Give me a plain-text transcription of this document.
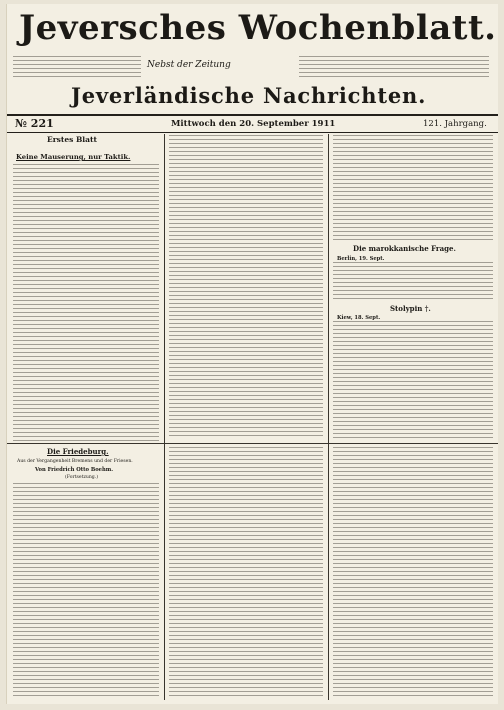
Jeversches Wochenblatt.
Nebst der Zeitung
Jeverländische Nachrichten.
№ 221	Mittwoch den 20. September 1911	121. Jahrgang.
Erstes Blatt
Keine Mauserung, nur Taktik.
Die marokkanische Frage.
Berlin, 19. Sept.
Stolypin †.
Kiew, 18. Sept.
Die Friedeburg.
Aus der Vergangenheit Bremens und der Friesen.
Von Friedrich Otto Boehm.
(Fortsetzung.)
